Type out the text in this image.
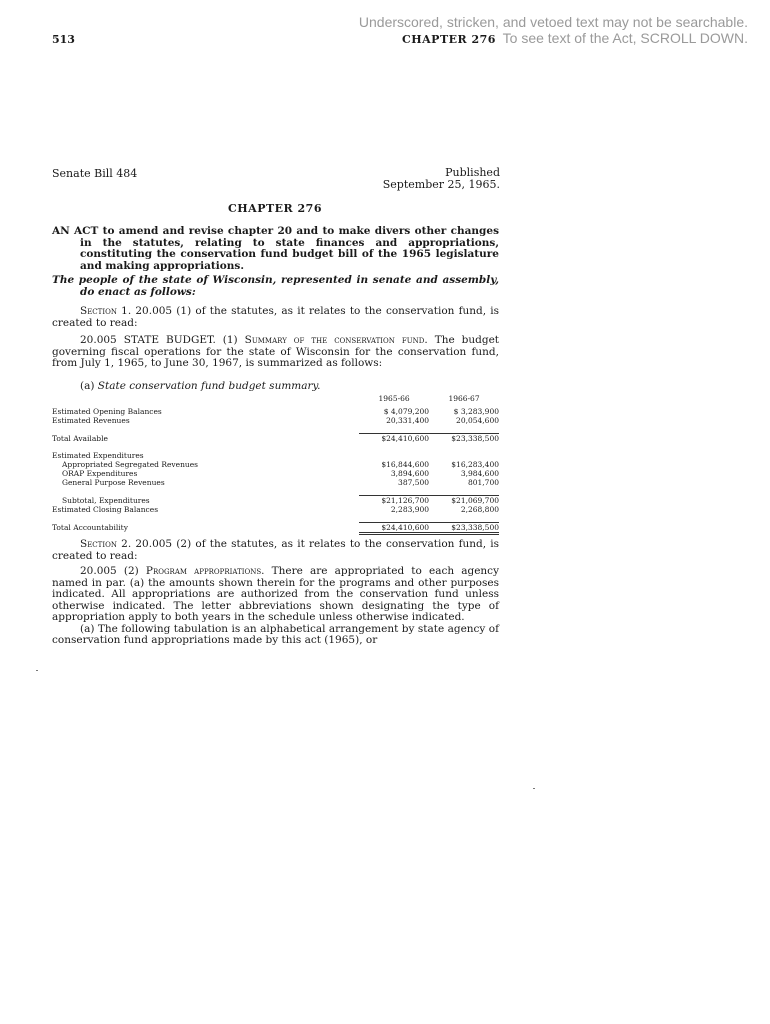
Underscored, stricken, and vetoed text may not be searchable.
To see text of the Act, SCROLL DOWN.
513	CHAPTER 276
Senate Bill 484	Published
September 25, 1965.
CHAPTER 276
AN ACT to amend and revise chapter 20 and to make divers other changes in the statutes, relating to state finances and appropriations, constituting the conservation fund budget bill of the 1965 legislature and making appropriations.
The people of the state of Wisconsin, represented in senate and assembly, do enact as follows:
Section 1. 20.005 (1) of the statutes, as it relates to the conservation fund, is created to read:
20.005 STATE BUDGET. (1) Summary of the conservation fund. The budget governing fiscal operations for the state of Wisconsin for the conservation fund, from July 1, 1965, to June 30, 1967, is summarized as follows:
(a) State conservation fund budget summary.
	1965-66	1966-67
Estimated Opening Balances	$ 4,079,200	$ 3,283,900
Estimated Revenues	20,331,400	20,054,600

Total Available	$24,410,600	$23,338,500

Estimated Expenditures		
Appropriated Segregated Revenues	$16,844,600	$16,283,400
ORAP Expenditures	3,894,600	3,984,600
General Purpose Revenues	387,500	801,700

Subtotal, Expenditures	$21,126,700	$21,069,700
Estimated Closing Balances	2,283,900	2,268,800

Total Accountability	$24,410,600	$23,338,500
Section 2. 20.005 (2) of the statutes, as it relates to the conservation fund, is created to read:
20.005 (2) Program appropriations. There are appropriated to each agency named in par. (a) the amounts shown therein for the programs and other purposes indicated. All appropriations are authorized from the conservation fund unless otherwise indicated. The letter abbreviations shown designating the type of appropriation apply to both years in the schedule unless otherwise indicated.
(a) The following tabulation is an alphabetical arrangement by state agency of conservation fund appropriations made by this act (1965), or
